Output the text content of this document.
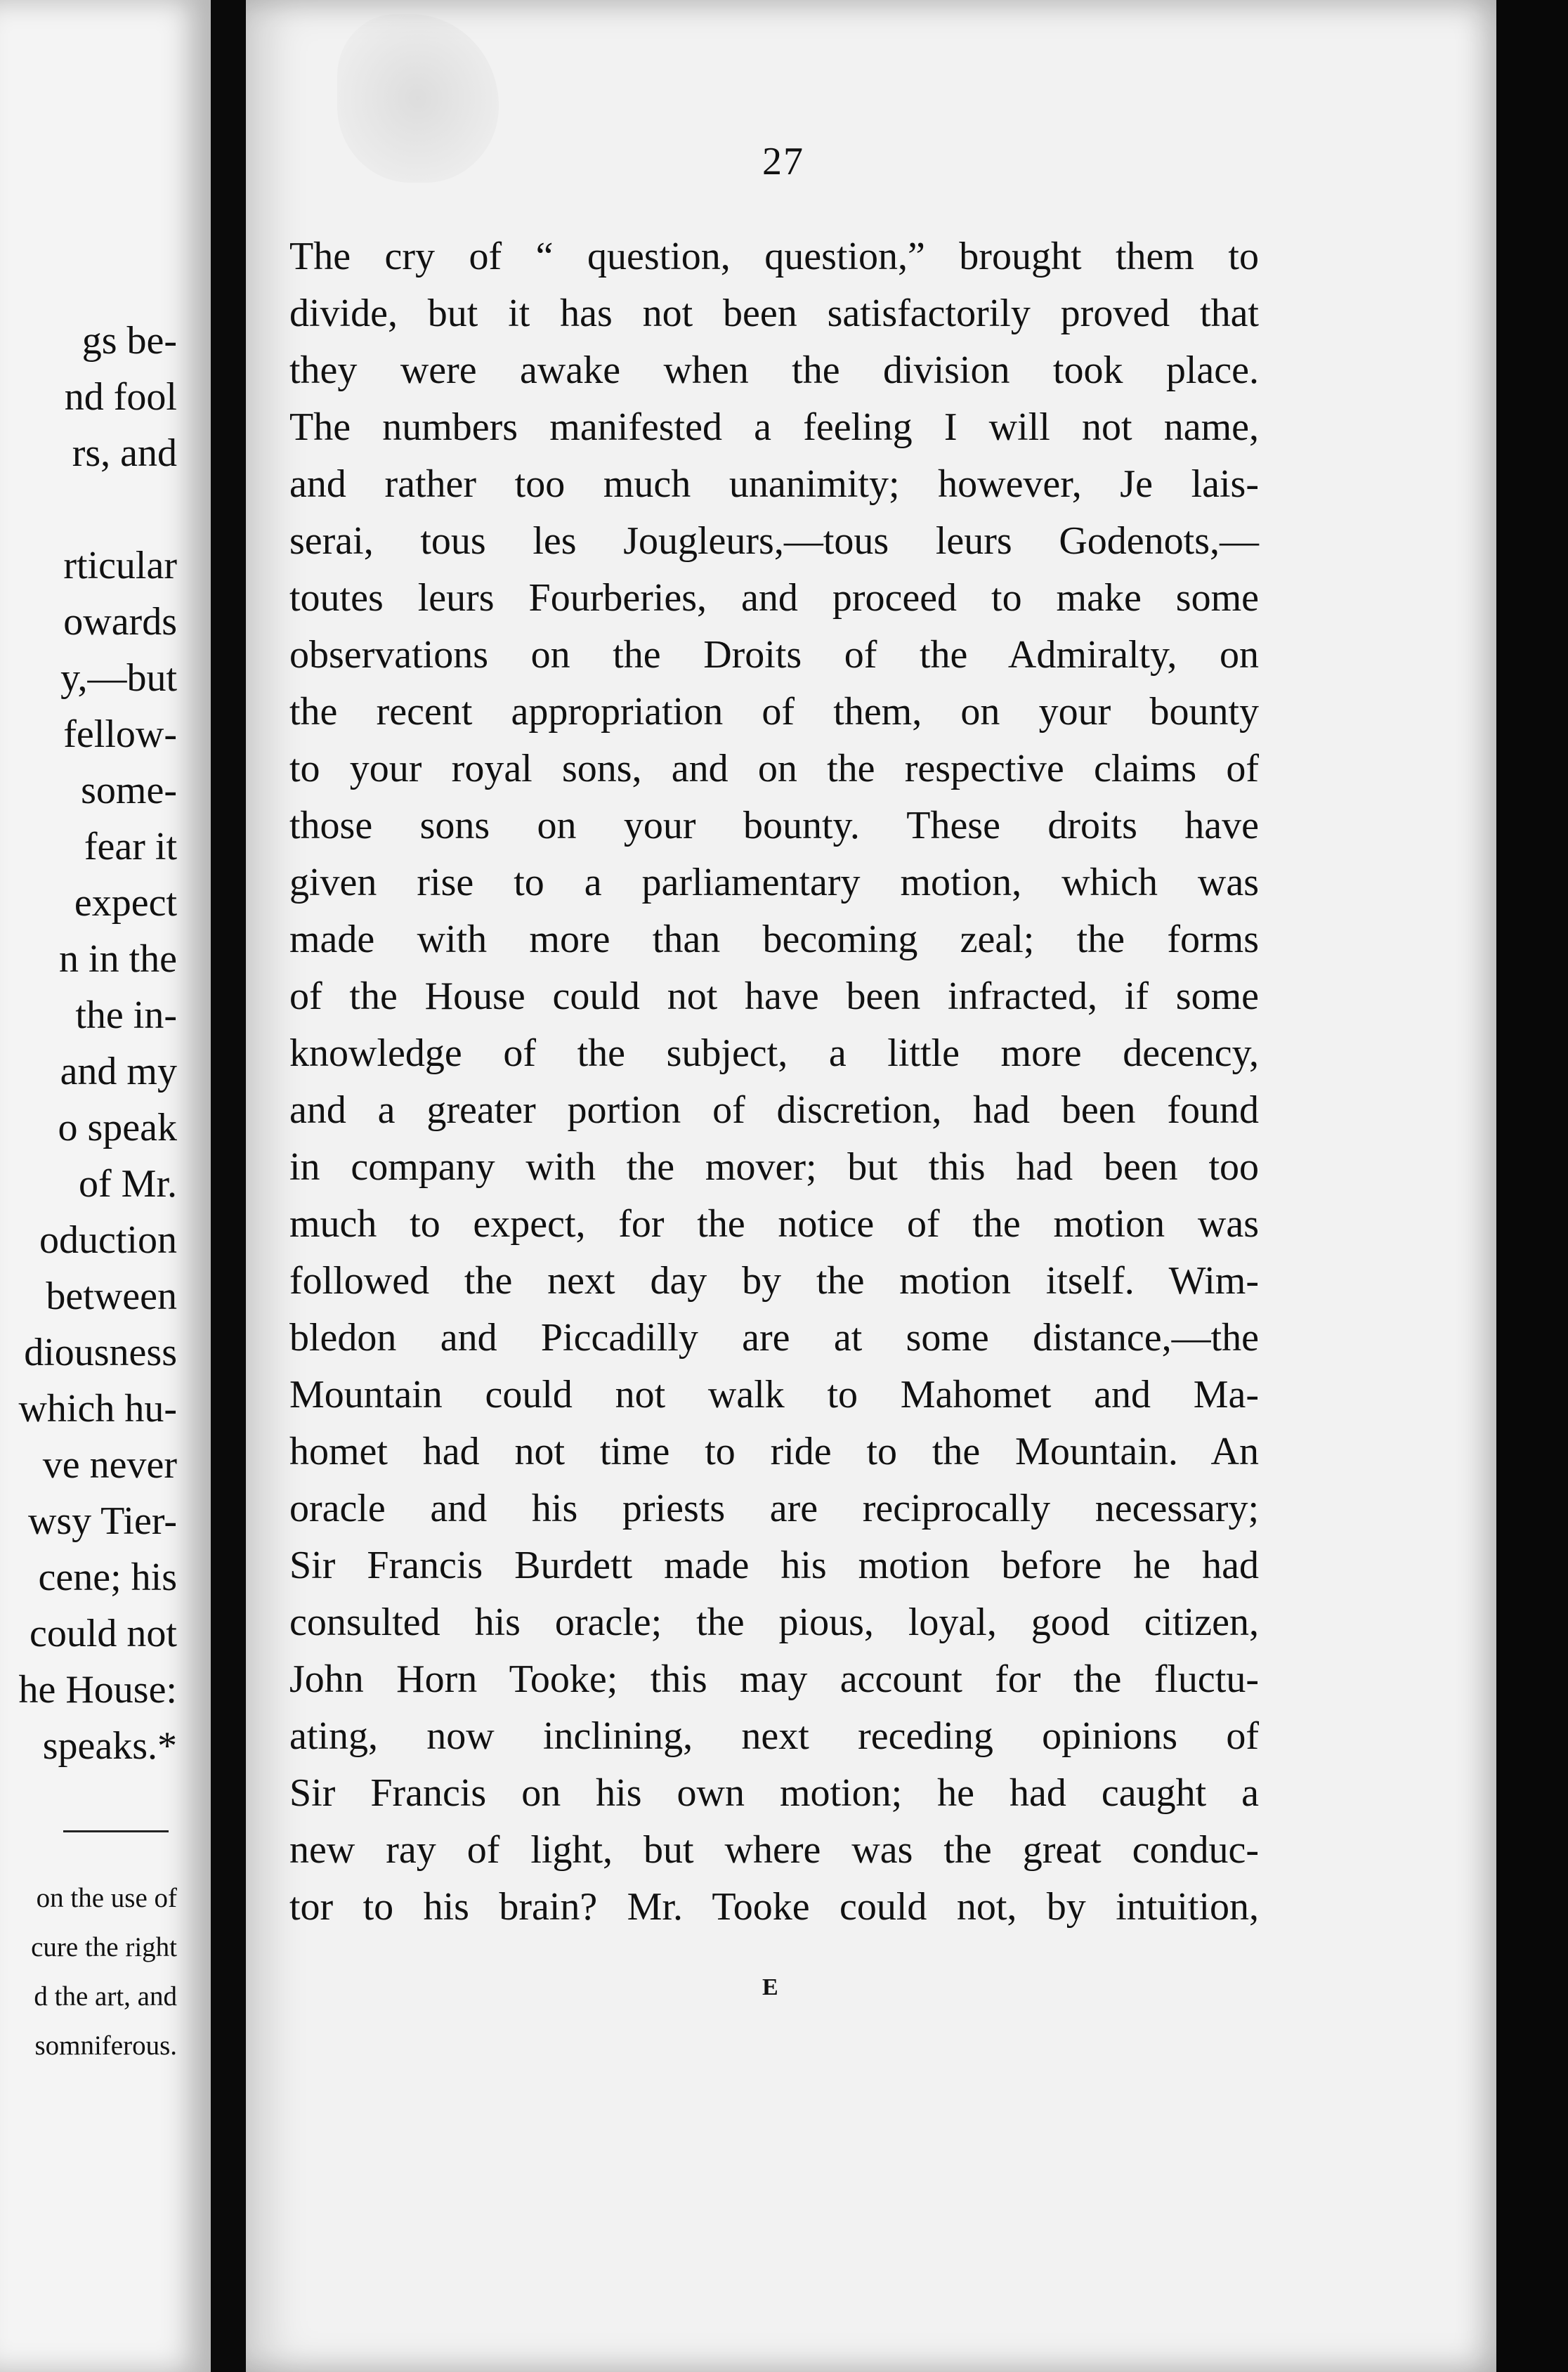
gs be-
nd fool
rs, and
rticular
owards
y,—but
fellow-
some-
fear it
expect
n in the
the in-
and my
o speak
of Mr.
oduction
between
diousness
which hu-
ve never
wsy Tier-
cene; his
could not
he House:
speaks.*
on the use of
cure the right
d the art, and
somniferous.
27
The cry of “ question, question,” brought them to
divide, but it has not been satisfactorily proved that
they were awake when the division took place.
The numbers manifested a feeling I will not name,
and rather too much unanimity; however, Je lais-
serai, tous les Jougleurs,—tous leurs Godenots,—
toutes leurs Fourberies, and proceed to make some
observations on the Droits of the Admiralty, on
the recent appropriation of them, on your bounty
to your royal sons, and on the respective claims of
those sons on your bounty. These droits have
given rise to a parliamentary motion, which was
made with more than becoming zeal; the forms
of the House could not have been infracted, if some
knowledge of the subject, a little more decency,
and a greater portion of discretion, had been found
in company with the mover; but this had been too
much to expect, for the notice of the motion was
followed the next day by the motion itself. Wim-
bledon and Piccadilly are at some distance,—the
Mountain could not walk to Mahomet and Ma-
homet had not time to ride to the Mountain. An
oracle and his priests are reciprocally necessary;
Sir Francis Burdett made his motion before he had
consulted his oracle; the pious, loyal, good citizen,
John Horn Tooke; this may account for the fluctu-
ating, now inclining, next receding opinions of
Sir Francis on his own motion; he had caught a
new ray of light, but where was the great conduc-
tor to his brain? Mr. Tooke could not, by intuition,
E
